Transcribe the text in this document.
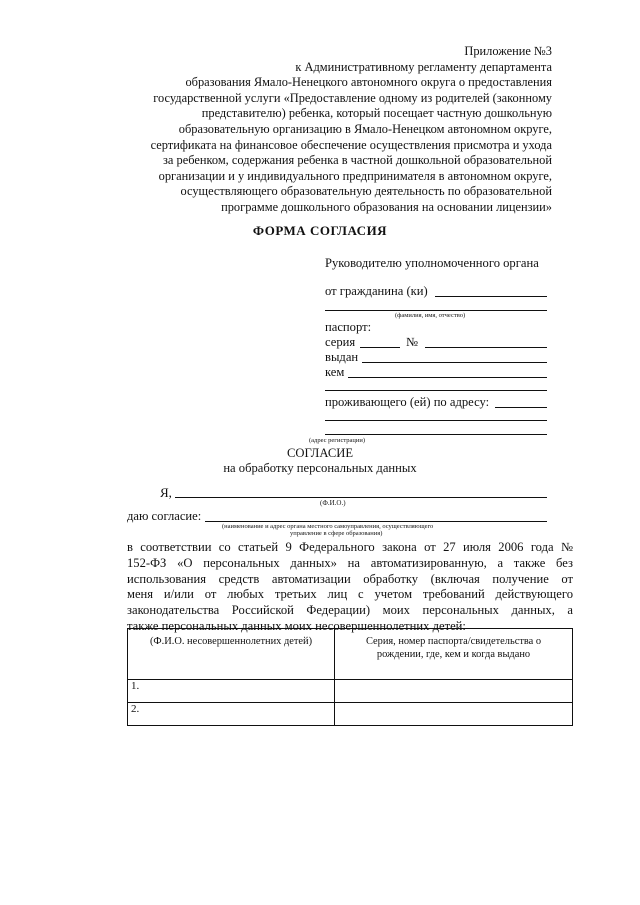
Приложение №3
к Административному регламенту департамента
образования Ямало-Ненецкого автономного округа о предоставления
государственной услуги «Предоставление одному из родителей (законному
представителю) ребенка, который посещает частную дошкольную
образовательную организацию в Ямало-Ненецком автономном округе,
сертификата на финансовое обеспечение осуществления присмотра и ухода
за ребенком, содержания ребенка в частной дошкольной образовательной
организации и у индивидуального предпринимателя в автономном округе,
осуществляющего образовательную деятельность по образовательной
программе дошкольного образования на основании лицензии»
ФОРМА СОГЛАСИЯ
Руководителю уполномоченного органа
от гражданина (ки)
(фамилия, имя, отчество)
паспорт:
серия	№
выдан
кем
проживающего (ей) по адресу:
(адрес регистрации)
СОГЛАСИЕ
на обработку персональных данных
Я,
(Ф.И.О.)
даю согласие:
(наименование и адрес органа местного самоуправления, осуществляющего
управление в сфере образования)
в соответствии со статьей 9 Федерального закона от 27 июля 2006 года №
152-ФЗ «О персональных данных» на автоматизированную, а также без
использования средств автоматизации обработку (включая получение от
меня и/или от любых третьих лиц с учетом требований действующего
законодательства Российской Федерации) моих персональных данных, а
также персональных данных моих несовершеннолетних детей:
(Ф.И.О. несовершеннолетних детей)	Серия, номер паспорта/свидетельства о рождении, где, кем и когда выдано
1.	
2.	
